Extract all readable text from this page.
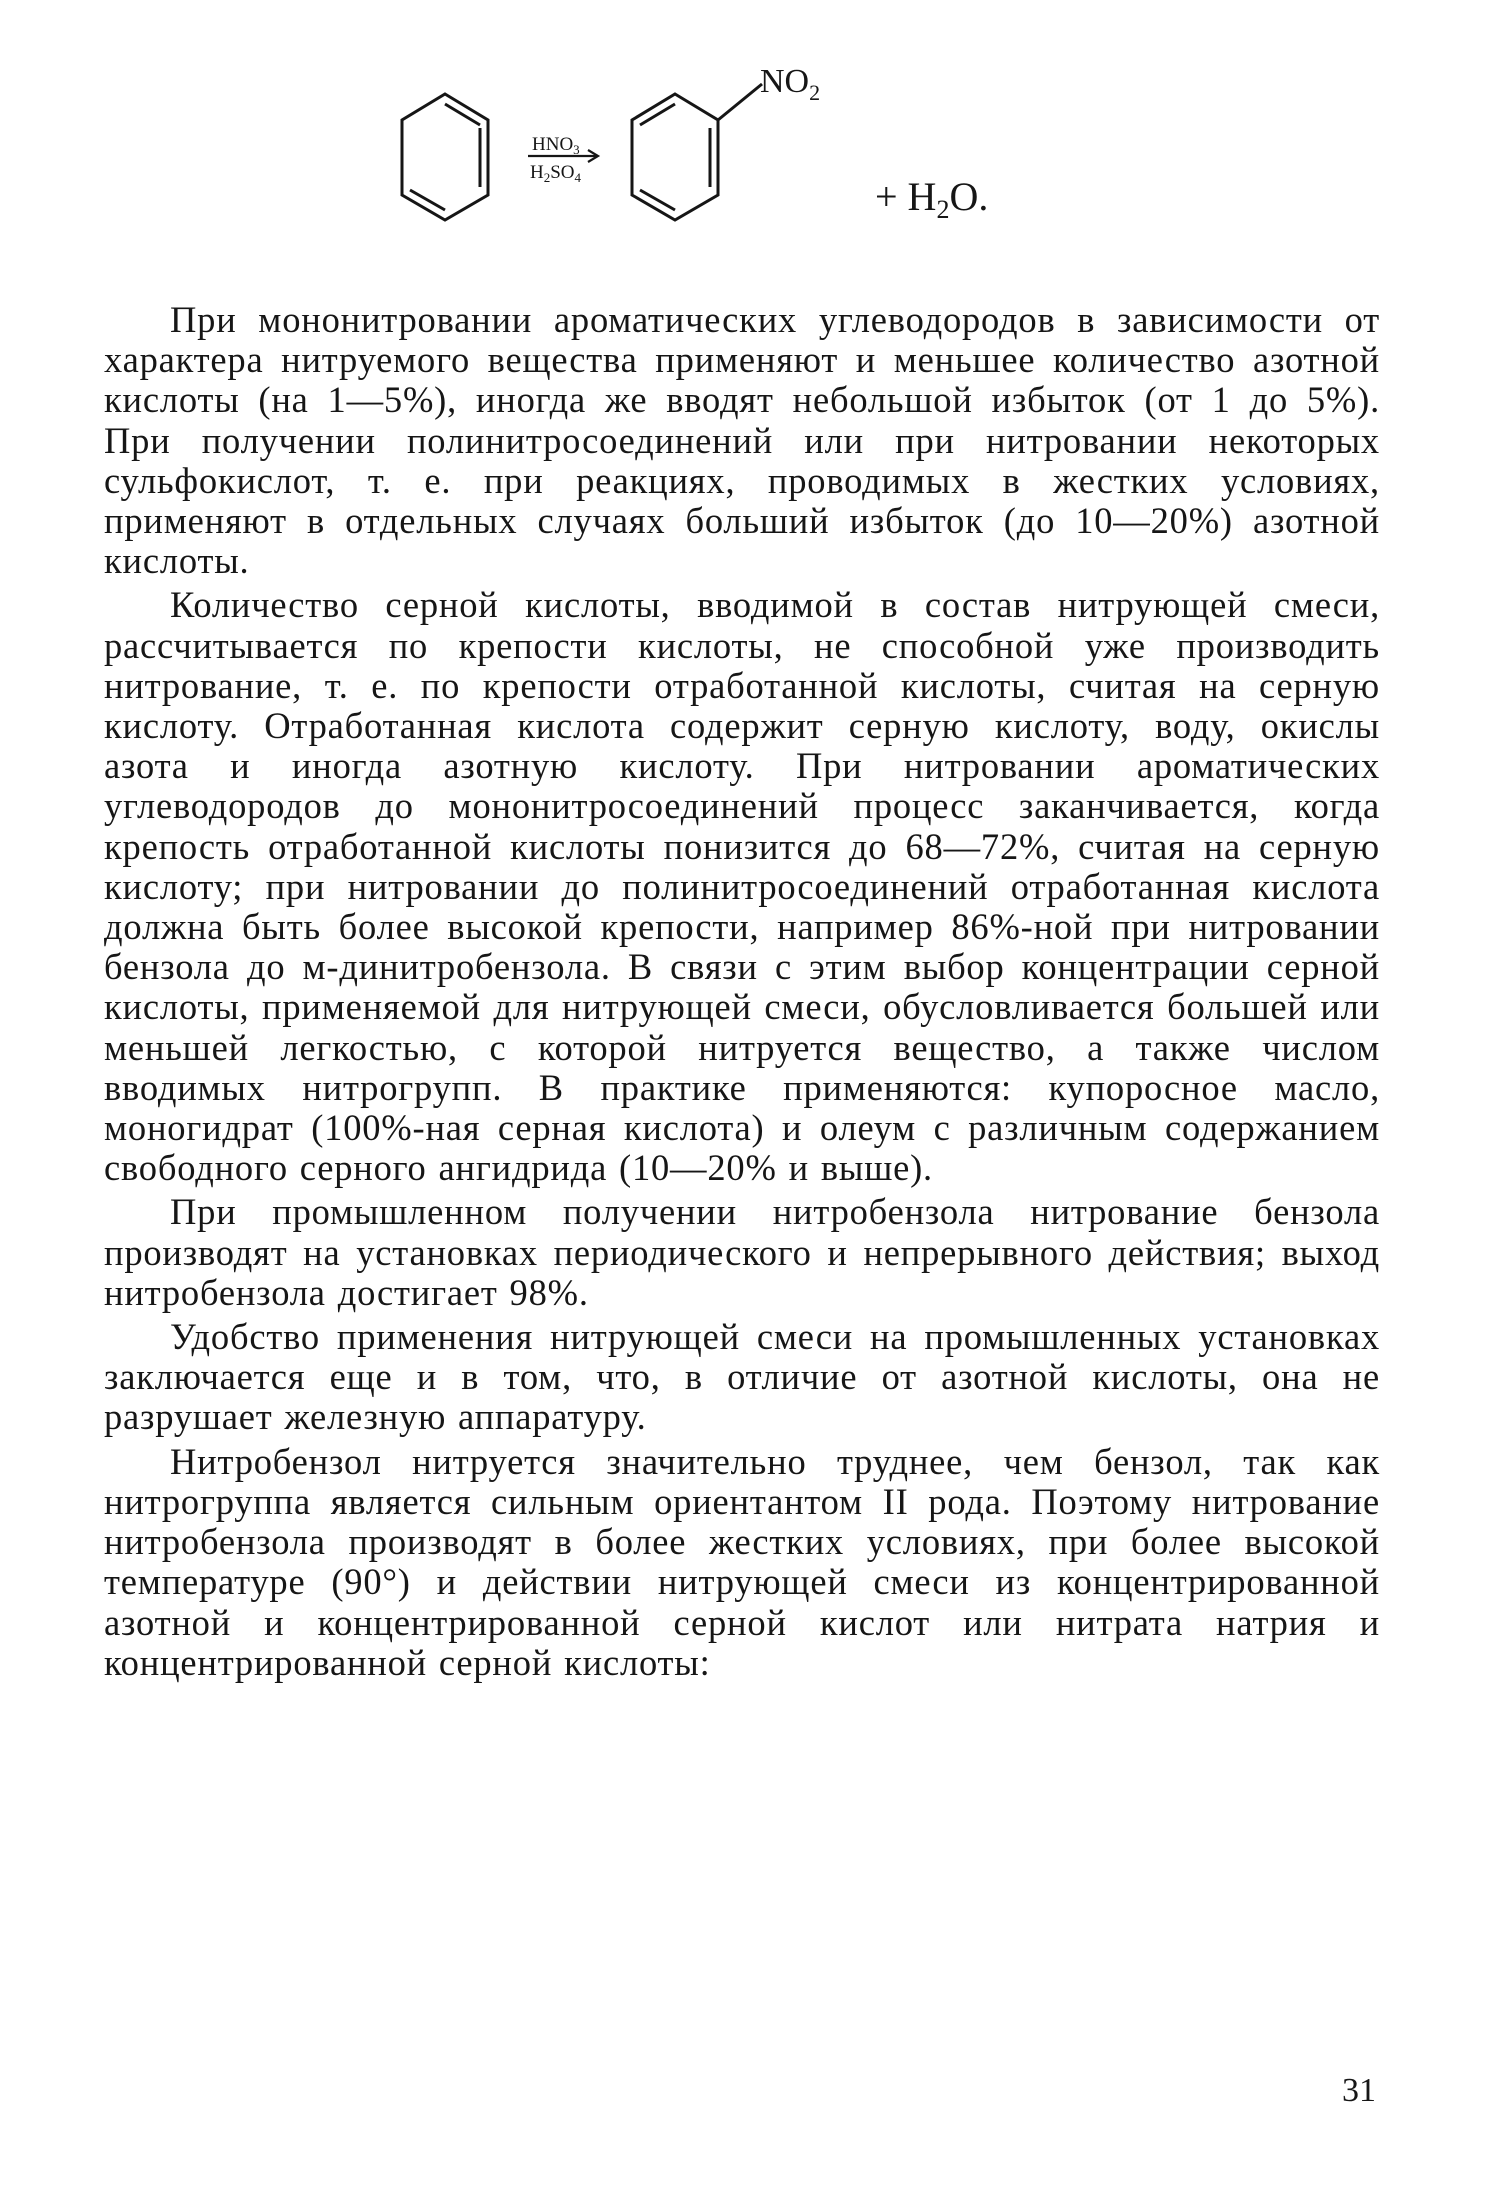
$HNO_3$
$H_2SO_4$
$NO_2$
+ $H_2O$.

При мононитровании ароматических углеводородов в зависимости от характера нитруемого вещества применяют и меньшее количество азотной кислоты (на 1—5%), иногда же вводят небольшой избыток (от 1 до 5%). При получении полинитросоединений или при нитровании некоторых сульфокислот, т. е. при реакциях, проводимых в жестких условиях, применяют в отдельных случаях больший избыток (до 10—20%) азотной кислоты.

Количество серной кислоты, вводимой в состав нитрующей смеси, рассчитывается по крепости кислоты, не способной уже производить нитрование, т. е. по крепости отработанной кислоты, считая на серную кислоту. Отработанная кислота содержит серную кислоту, воду, окислы азота и иногда азотную кислоту. При нитровании ароматических углеводородов до мононитросоединений процесс заканчивается, когда крепость отработанной кислоты понизится до 68—72%, считая на серную кислоту; при нитровании до полинитросоединений отработанная кислота должна быть более высокой крепости, например 86%-ной при нитровании бензола до м-динитробензола. В связи с этим выбор концентрации серной кислоты, применяемой для нитрующей смеси, обусловливается большей или меньшей легкостью, с которой нитруется вещество, а также числом вводимых нитрогрупп. В практике применяются: купоросное масло, моногидрат (100%-ная серная кислота) и олеум с различным содержанием свободного серного ангидрида (10—20% и выше).

При промышленном получении нитробензола нитрование бензола производят на установках периодического и непрерывного действия; выход нитробензола достигает 98%.

Удобство применения нитрующей смеси на промышленных установках заключается еще и в том, что, в отличие от азотной кислоты, она не разрушает железную аппаратуру.

Нитробензол нитруется значительно труднее, чем бензол, так как нитрогруппа является сильным ориентантом II рода. Поэтому нитрование нитробензола производят в более жестких условиях, при более высокой температуре (90°) и действии нитрующей смеси из концентрированной азотной и концентрированной серной кислот или нитрата натрия и концентрированной серной кислоты:

31
